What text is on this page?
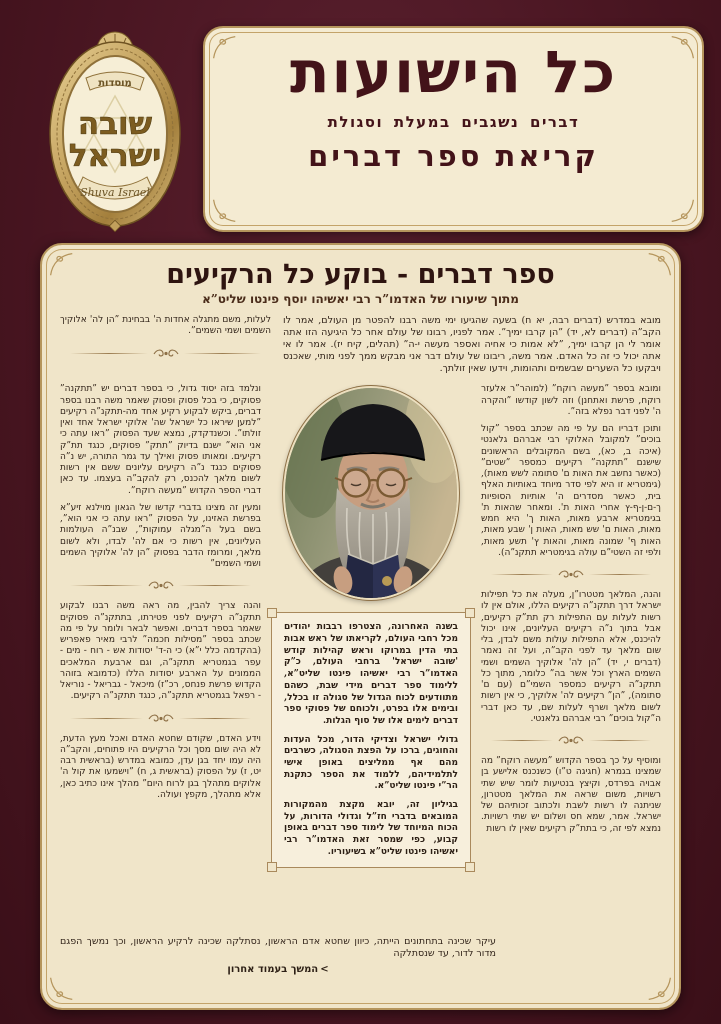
מוסדות
שובה
ישראל
Shuva Israel
כל הישועות
דברים נשגבים במעלת וסגולת
קריאת ספר דברים
ספר דברים - בוקע כל הרקיעים
מתוך שיעורו של האדמו”ר רבי יאשיהו יוסף פינטו שליט”א
מובא במדרש (דברים רבה, יא ח) בשעה שהגיעו ימי משה רבנו להפטר מן העולם, אמר לו הקב”ה (דברים לא, יד) ”הן קרבו ימיך”. אמר לפניו, רבונו של עולם אחר כל היגיעה הזו אתה אומר לי הן קרבו ימיך, ”לא אמות כי אחיה ואספר מעשה י-ה” (תהלים, קיח יז). אמר לו אי אתה יכול כי זה כל האדם. אמר משה, ריבונו של עולם דבר אני מבקש ממך לפני מותי, שאכנס ויבקעו כל השערים שבשמים ותהומות, וידעו שאין זולתך.

לעלות, משם מתגלה אחדות ה' בבחינת ”הן לה' אלוקיך השמים ושמי השמים”.

ומובא בספר ”מעשה רוקח” (למוהר”ר אלעזר רוקח, פרשת ואתחנן) וזה לשון קודשו ”והקרה ה' לפני דבר נפלא בזה”.

ותוכן דבריו הם על פי מה שכתב בספר ”קול בוכים” למקובל האלוקי רבי אברהם גלאנטי (איכה ב, כא), בשם המקובלים הראשונים שישנם ”תתקנה” רקיעים כמספר ”שטים” (כאשר נחשב את האות ם' סתומה לשש מאות), (גימטריא זו היא לפי סדר מיוחד באותיות האלף בית, כאשר מסדרים ה' אותיות הסופיות ך-ם-ן-ף-ץ אחרי האות ת'. ומאחר שהאות ת' בגימטריא ארבע מאות, האות ך' היא חמש מאות, האות ם' שש מאות, האות ן' שבע מאות, האות ף' שמונה מאות, והאות ץ' תשע מאות, ולפי זה השטי”ם עולה בגימטריא תתקנ”ה).

והנה, המלאך מטטרו”ן, מעלה את כל תפילות ישראל דרך תתקנ”ה רקיעים הללו, אולם אין לו רשות לעלות עם התפילות רק תת”ק רקיעים, אבל בתוך נ”ה רקיעים העליונים, אינו יכול להיכנס, אלא התפילות עולות משם לבדן, בלי שום מלאך עד לפני הקב”ה, ועל זה נאמר (דברים י, יד) ”הן לה' אלוקיך השמים ושמי השמים הארץ וכל אשר בה” כלומר, מתוך כל תתקנ”ה רקיעים כמספר השמי”ם (עם ם' סתומה), ”הן” רקיעים לה' אלוקיך, כי אין רשות לשום מלאך ושרף לעלות שם, עד כאן דברי ה”קול בוכים” רבי אברהם גלאנטי.

ומוסיף על כך בספר הקדוש ”מעשה רוקח” מה שמצינו בגמרא (חגיגה ט”ו) כשנכנס אלישע בן אבויה בפרדס, וקיצץ בנטיעות לומר שיש שתי רשויות, משום שראה את המלאך מטטרון, שניתנה לו רשות לשבת ולכתוב זכותיהם של ישראל. אמר, שמא חס ושלום יש שתי רשויות. נמצא לפי זה, כי בתת”ק רקיעים שאין לו רשות

בשנה האחרונה, הצטרפו רבבות יהודים מכל רחבי העולם, לקריאתו של ראש אבות בתי הדין במרוקו וראש קהילות קודש 'שובה ישראל' ברחבי העולם, כ”ק האדמו”ר רבי יאשיהו פינטו שליט”א, ללימוד ספר דברים מידי שבת, כשהם מתוודעים לכוח הגדול של סגולה זו בכלל, ובימים אלו בפרט, ולכוחם של פסוקי ספר דברים לימים אלו של סוף הגלות.

גדולי ישראל וצדיקי הדור, מכל העדות והחוגים, ברכו על הפצת הסגולה, כשרבים מהם אף ממליצים באופן אישי לתלמידיהם, ללמוד את הספר כתקנת הר”י פינטו שליט”א.

בגיליון זה, יובא מקצת מהמקורות המובאים בדברי חז”ל וגדולי הדורות, על הכוח המיוחד של לימוד ספר דברים באופן קבוע, כפי שמסר זאת האדמו”ר רבי יאשיהו פינטו שליט”א בשיעוריו.

ונלמד בזה יסוד גדול, כי בספר דברים יש ”תתקנה” פסוקים, כי בכל פסוק ופסוק שאמר משה רבנו בספר דברים, ביקש לבקוע רקיע אחד מה-תתקנ”ה רקיעים ”למען שיראו כל ישראל שה' אלוקי ישראל אחד ואין זולתו”. וכשנדקדק, נמצא שעד הפסוק ”ראו עתה כי אני הוא” ישנם בדיוק ”תתק” פסוקים, כנגד תת”ק רקיעים. ומאותו פסוק ואילך עד גמר התורה, יש נ”ה פסוקים כנגד נ”ה רקיעים עליונים ששם אין רשות לשום מלאך להכנס, רק להקב”ה בעצמו. עד כאן דברי הספר הקדוש ”מעשה רוקח”.

ומעין זה מצינו בדברי קדשו של הגאון מוילנא זיע”א בפרשת האזינו, על הפסוק ”ראו עתה כי אני הוא”, בשם בעל ה”מגלה עמוקות”, שבנ”ה העולמות העליונים, אין רשות כי אם לה' לבדו, ולא לשום מלאך, ומרומז הדבר בפסוק ”הן לה' אלוקיך השמים ושמי השמים”

והנה צריך להבין, מה ראה משה רבנו לבקוע תתקנ”ה רקיעים לפני פטירתו, בתתקנ”ה פסוקים שאמר בספר דברים. ואפשר לבאר ולומר על פי מה שכתב בספר ”מסילות חכמה” לרבי מאיר פאפריש (בהקדמה כלל י”א) כי ה-ד' יסודות אש - רוח - מים - עפר בגמטריא תתקנ”ה, וגם ארבעת המלאכים הממונים על הארבע יסודות הללו (כדמובא בזוהר הקדוש פרשת פנחס, רכ”ז) מיכאל - גבריאל - נוריאל - רפאל בגמטריא תתקנ”ה, כנגד תתקנ”ה רקיעים.

וידע האדם, שקודם שחטא האדם ואכל מעץ הדעת, לא היה שום מסך וכל הרקיעים היו פתוחים, והקב”ה היה עמו יחד בגן עדן, כמובא במדרש (בראשית רבה יט, ז) על הפסוק (בראשית ג, ח) ”וישמעו את קול ה' אלוקים מתהלך בגן לרוח היום” מהלך אינו כתיב כאן, אלא מתהלך, מקפץ ועולה.

עיקר שכינה בתחתונים הייתה, כיוון שחטא אדם הראשון, נסתלקה שכינה לרקיע הראשון, וכך נמשך הפגם מדור לדור, עד שנסתלקה
<המשך בעמוד אחרון
